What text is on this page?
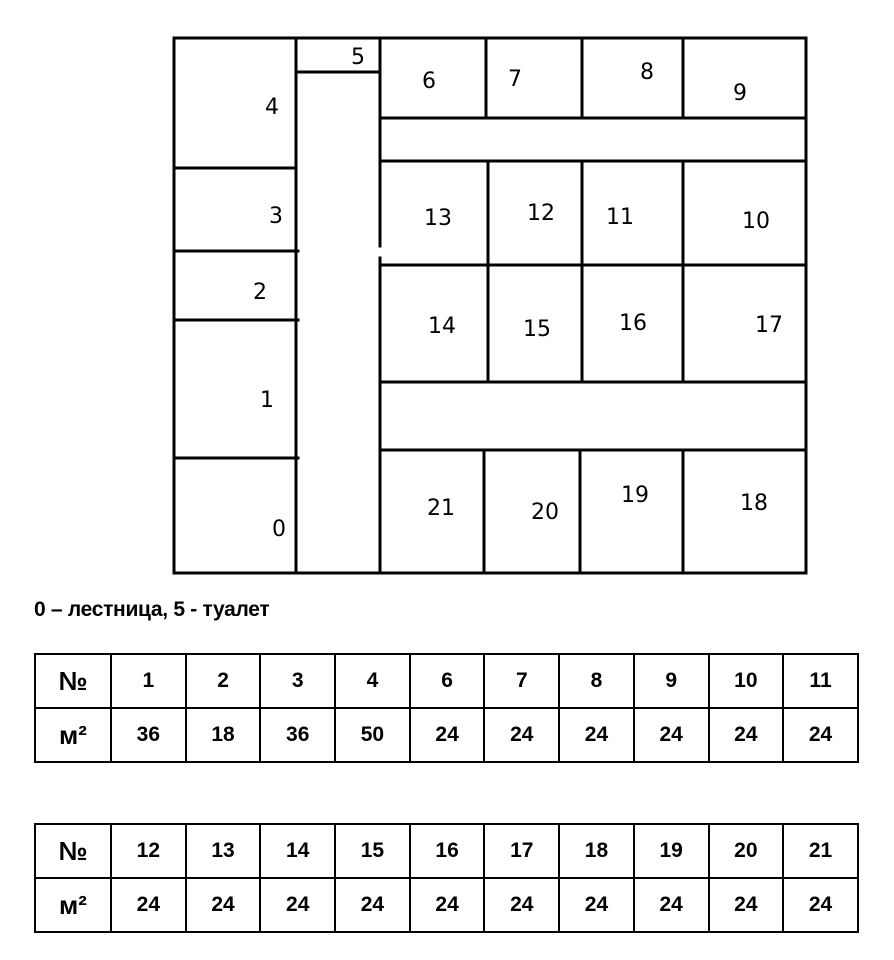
0
1
2
3
4
5
6	7	8
9
10
11
12
13
14	15	16	17
18
19
20
21
0 – лестница, 5 - туалет
№	1	2	3	4	6	7	8	9	10	11
м²	36	18	36	50	24	24	24	24	24	24
№	12	13	14	15	16	17	18	19	20	21
м²	24	24	24	24	24	24	24	24	24	24
